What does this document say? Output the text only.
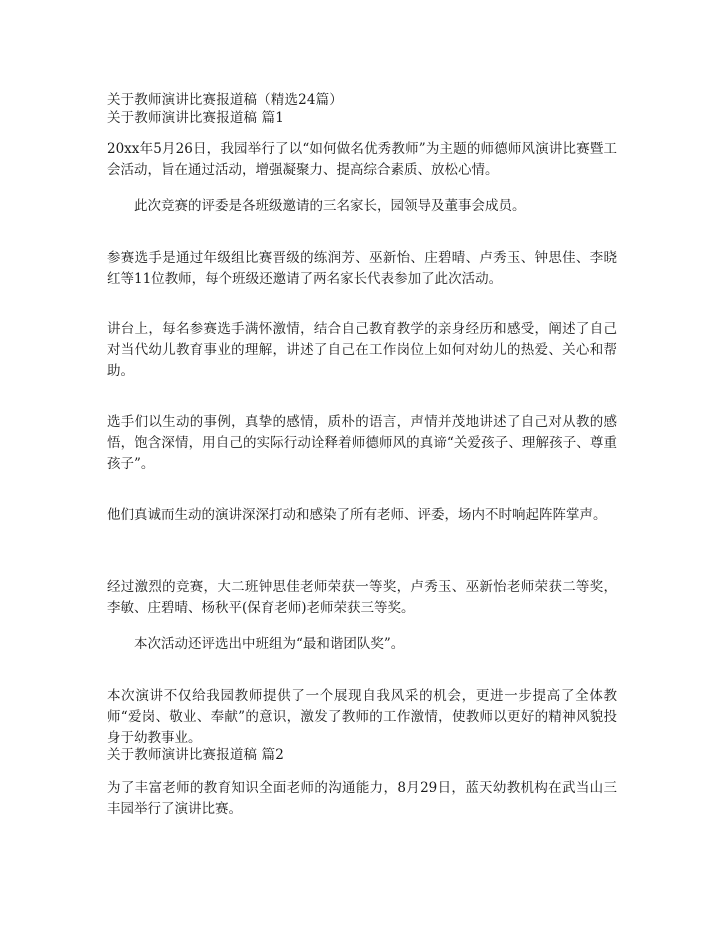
关于教师演讲比赛报道稿（精选24篇）
关于教师演讲比赛报道稿 篇1
20xx年5月26日，我园举行了以“如何做名优秀教师”为主题的师德师风演讲比赛暨工会活动，旨在通过活动，增强凝聚力、提高综合素质、放松心情。
此次竞赛的评委是各班级邀请的三名家长，园领导及董事会成员。
参赛选手是通过年级组比赛晋级的练润芳、巫新怡、庄碧晴、卢秀玉、钟思佳、李晓红等11位教师，每个班级还邀请了两名家长代表参加了此次活动。
讲台上，每名参赛选手满怀激情，结合自己教育教学的亲身经历和感受，阐述了自己对当代幼儿教育事业的理解，讲述了自己在工作岗位上如何对幼儿的热爱、关心和帮助。
选手们以生动的事例，真挚的感情，质朴的语言，声情并茂地讲述了自己对从教的感悟，饱含深情，用自己的实际行动诠释着师德师风的真谛“关爱孩子、理解孩子、尊重孩子”。
他们真诚而生动的演讲深深打动和感染了所有老师、评委，场内不时响起阵阵掌声。
经过激烈的竞赛，大二班钟思佳老师荣获一等奖，卢秀玉、巫新怡老师荣获二等奖，李敏、庄碧晴、杨秋平(保育老师)老师荣获三等奖。
本次活动还评选出中班组为“最和谐团队奖”。
本次演讲不仅给我园教师提供了一个展现自我风采的机会，更进一步提高了全体教师“爱岗、敬业、奉献”的意识，激发了教师的工作激情，使教师以更好的精神风貌投身于幼教事业。
关于教师演讲比赛报道稿 篇2
为了丰富老师的教育知识全面老师的沟通能力，8月29日，蓝天幼教机构在武当山三丰园举行了演讲比赛。
